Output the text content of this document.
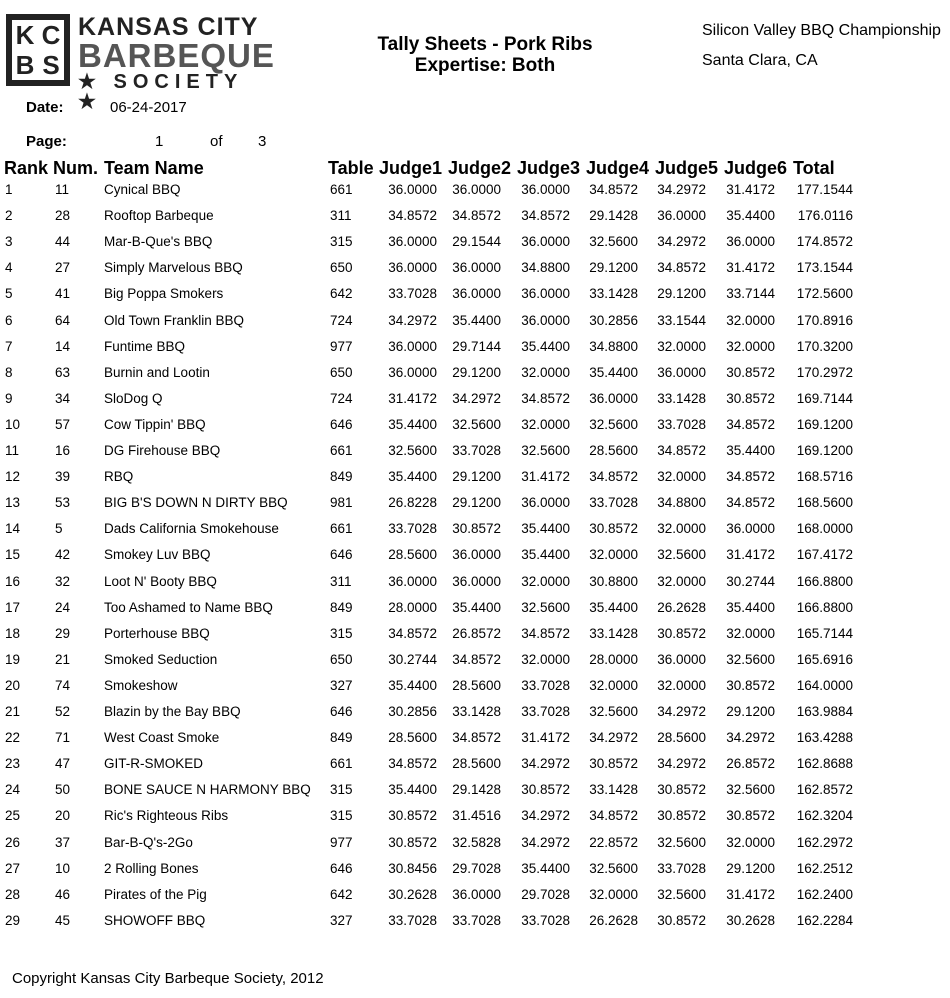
K C
B S
KANSAS CITY
BARBEQUE
★ SOCIETY ★
Tally Sheets - Pork Ribs
Expertise: Both
Silicon Valley BBQ Championship
Santa Clara, CA
Date:	06-24-2017
Page:	1	of 3
Rank Num. Team Name	Table Judge1 Judge2 Judge3 Judge4 Judge5 Judge6 Total
1	11	Cynical BBQ	661	36.0000	36.0000	36.0000	34.8572	34.2972	31.4172	177.1544
2	28	Rooftop Barbeque	311	34.8572	34.8572	34.8572	29.1428	36.0000	35.4400	176.0116
3	44	Mar-B-Que's BBQ	315	36.0000	29.1544	36.0000	32.5600	34.2972	36.0000	174.8572
4	27	Simply Marvelous BBQ	650	36.0000	36.0000	34.8800	29.1200	34.8572	31.4172	173.1544
5	41	Big Poppa Smokers	642	33.7028	36.0000	36.0000	33.1428	29.1200	33.7144	172.5600
6	64	Old Town Franklin BBQ	724	34.2972	35.4400	36.0000	30.2856	33.1544	32.0000	170.8916
7	14	Funtime BBQ	977	36.0000	29.7144	35.4400	34.8800	32.0000	32.0000	170.3200
8	63	Burnin and Lootin	650	36.0000	29.1200	32.0000	35.4400	36.0000	30.8572	170.2972
9	34	SloDog Q	724	31.4172	34.2972	34.8572	36.0000	33.1428	30.8572	169.7144
10	57	Cow Tippin' BBQ	646	35.4400	32.5600	32.0000	32.5600	33.7028	34.8572	169.1200
11	16	DG Firehouse BBQ	661	32.5600	33.7028	32.5600	28.5600	34.8572	35.4400	169.1200
12	39	RBQ	849	35.4400	29.1200	31.4172	34.8572	32.0000	34.8572	168.5716
13	53	BIG B'S DOWN N DIRTY BBQ	981	26.8228	29.1200	36.0000	33.7028	34.8800	34.8572	168.5600
14	5	Dads California Smokehouse	661	33.7028	30.8572	35.4400	30.8572	32.0000	36.0000	168.0000
15	42	Smokey Luv BBQ	646	28.5600	36.0000	35.4400	32.0000	32.5600	31.4172	167.4172
16	32	Loot N' Booty BBQ	311	36.0000	36.0000	32.0000	30.8800	32.0000	30.2744	166.8800
17	24	Too Ashamed to Name BBQ	849	28.0000	35.4400	32.5600	35.4400	26.2628	35.4400	166.8800
18	29	Porterhouse BBQ	315	34.8572	26.8572	34.8572	33.1428	30.8572	32.0000	165.7144
19	21	Smoked Seduction	650	30.2744	34.8572	32.0000	28.0000	36.0000	32.5600	165.6916
20	74	Smokeshow	327	35.4400	28.5600	33.7028	32.0000	32.0000	30.8572	164.0000
21	52	Blazin by the Bay BBQ	646	30.2856	33.1428	33.7028	32.5600	34.2972	29.1200	163.9884
22	71	West Coast Smoke	849	28.5600	34.8572	31.4172	34.2972	28.5600	34.2972	163.4288
23	47	GIT-R-SMOKED	661	34.8572	28.5600	34.2972	30.8572	34.2972	26.8572	162.8688
24	50	BONE SAUCE N HARMONY BBQ 315	35.4400	29.1428	30.8572	33.1428	30.8572	32.5600	162.8572
25	20	Ric's Righteous Ribs	315	30.8572	31.4516	34.2972	34.8572	30.8572	30.8572	162.3204
26	37	Bar-B-Q's-2Go	977	30.8572	32.5828	34.2972	22.8572	32.5600	32.0000	162.2972
27	10	2 Rolling Bones	646	30.8456	29.7028	35.4400	32.5600	33.7028	29.1200	162.2512
28	46	Pirates of the Pig	642	30.2628	36.0000	29.7028	32.0000	32.5600	31.4172	162.2400
29	45	SHOWOFF BBQ	327	33.7028	33.7028	33.7028	26.2628	30.8572	30.2628	162.2284
Copyright Kansas City Barbeque Society, 2012
